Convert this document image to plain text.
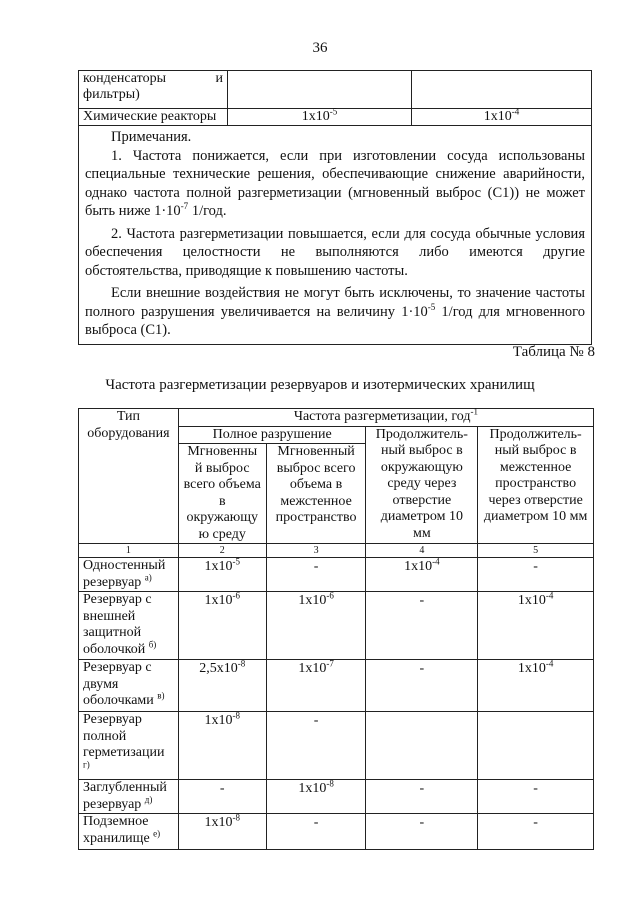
36
конденсаторы и
фильтры)		

Химические реакторы	$1x10^{-5}$	$1x10^{-4}$

Примечания.

1. Частота понижается, если при изготовлении сосуда использованы специальные технические решения, обеспечивающие снижение аварийности, однако частота полной разгерметизации (мгновенный выброс (С1)) не может быть ниже $1\cdot 10^{-7}$ 1/год.

2. Частота разгерметизации повышается, если для сосуда обычные условия обеспечения целостности не выполняются либо имеются другие обстоятельства, приводящие к повышению частоты.

Если внешние воздействия не могут быть исключены, то значение частоты полного разрушения увеличивается на величину $1\cdot 10^{-5}$ 1/год для мгновенного выброса (С1).		

Таблица № 8
Частота разгерметизации резервуаров и изотермических хранилищ
Тип оборудования	Частота разгерметизации, год$^{-1}$
	Полное разрушение		Продолжитель-ный выброс в окружающую среду через отверстие диаметром 10 мм	Продолжитель-ный выброс в межстенное пространство через отверстие диаметром 10 мм
	Мгновенны й выброс всего объема в окружающу ю среду	Мгновенный выброс всего объема в межстенное пространство		
1	2	3	4	5
Одностенный резервуар $^{а)}$	$1x10^{-5}$	-	$1x10^{-4}$	-
Резервуар с внешней защитной оболочкой $^{б)}$	$1x10^{-6}$	$1x10^{-6}$	-	$1x10^{-4}$
Резервуар с двумя оболочками $^{в)}$	$2,5x10^{-8}$	$1x10^{-7}$	-	$1x10^{-4}$
Резервуар полной герметизации $^{г)}$	$1x10^{-8}$	-		
Заглубленный резервуар $^{д)}$	-	$1x10^{-8}$	-	-
Подземное хранилище $^{е)}$	$1x10^{-8}$	-	-	-
